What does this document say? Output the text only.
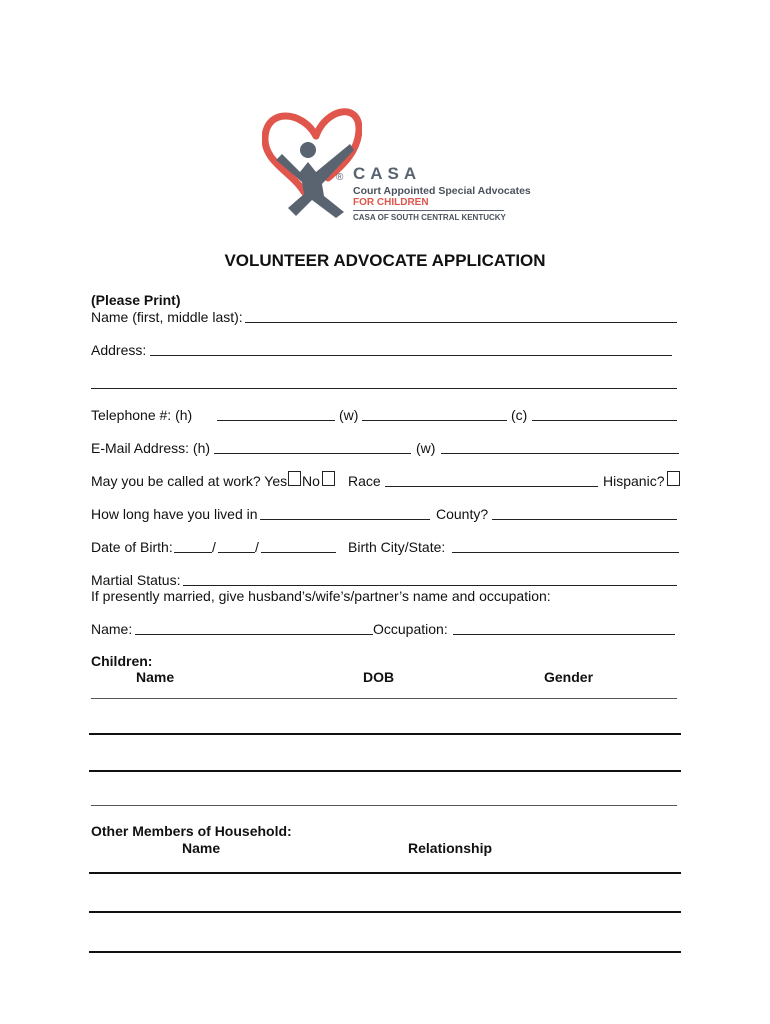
® CASA
Court Appointed Special Advocates
FOR CHILDREN
CASA OF SOUTH CENTRAL KENTUCKY
VOLUNTEER ADVOCATE APPLICATION
(Please Print)
Name (first, middle last):
Address:
Telephone #: (h)	(w)	(c)
E-Mail Address: (h)	(w)
May you be called at work? Yes No Race	Hispanic?
How long have you lived in	County?
Date of Birth:	/	/	Birth City/State:
Martial Status:
If presently married, give husband’s/wife’s/partner’s name and occupation:
Name:	Occupation:
Children:
Name	DOB	Gender
Other Members of Household:
Name	Relationship
